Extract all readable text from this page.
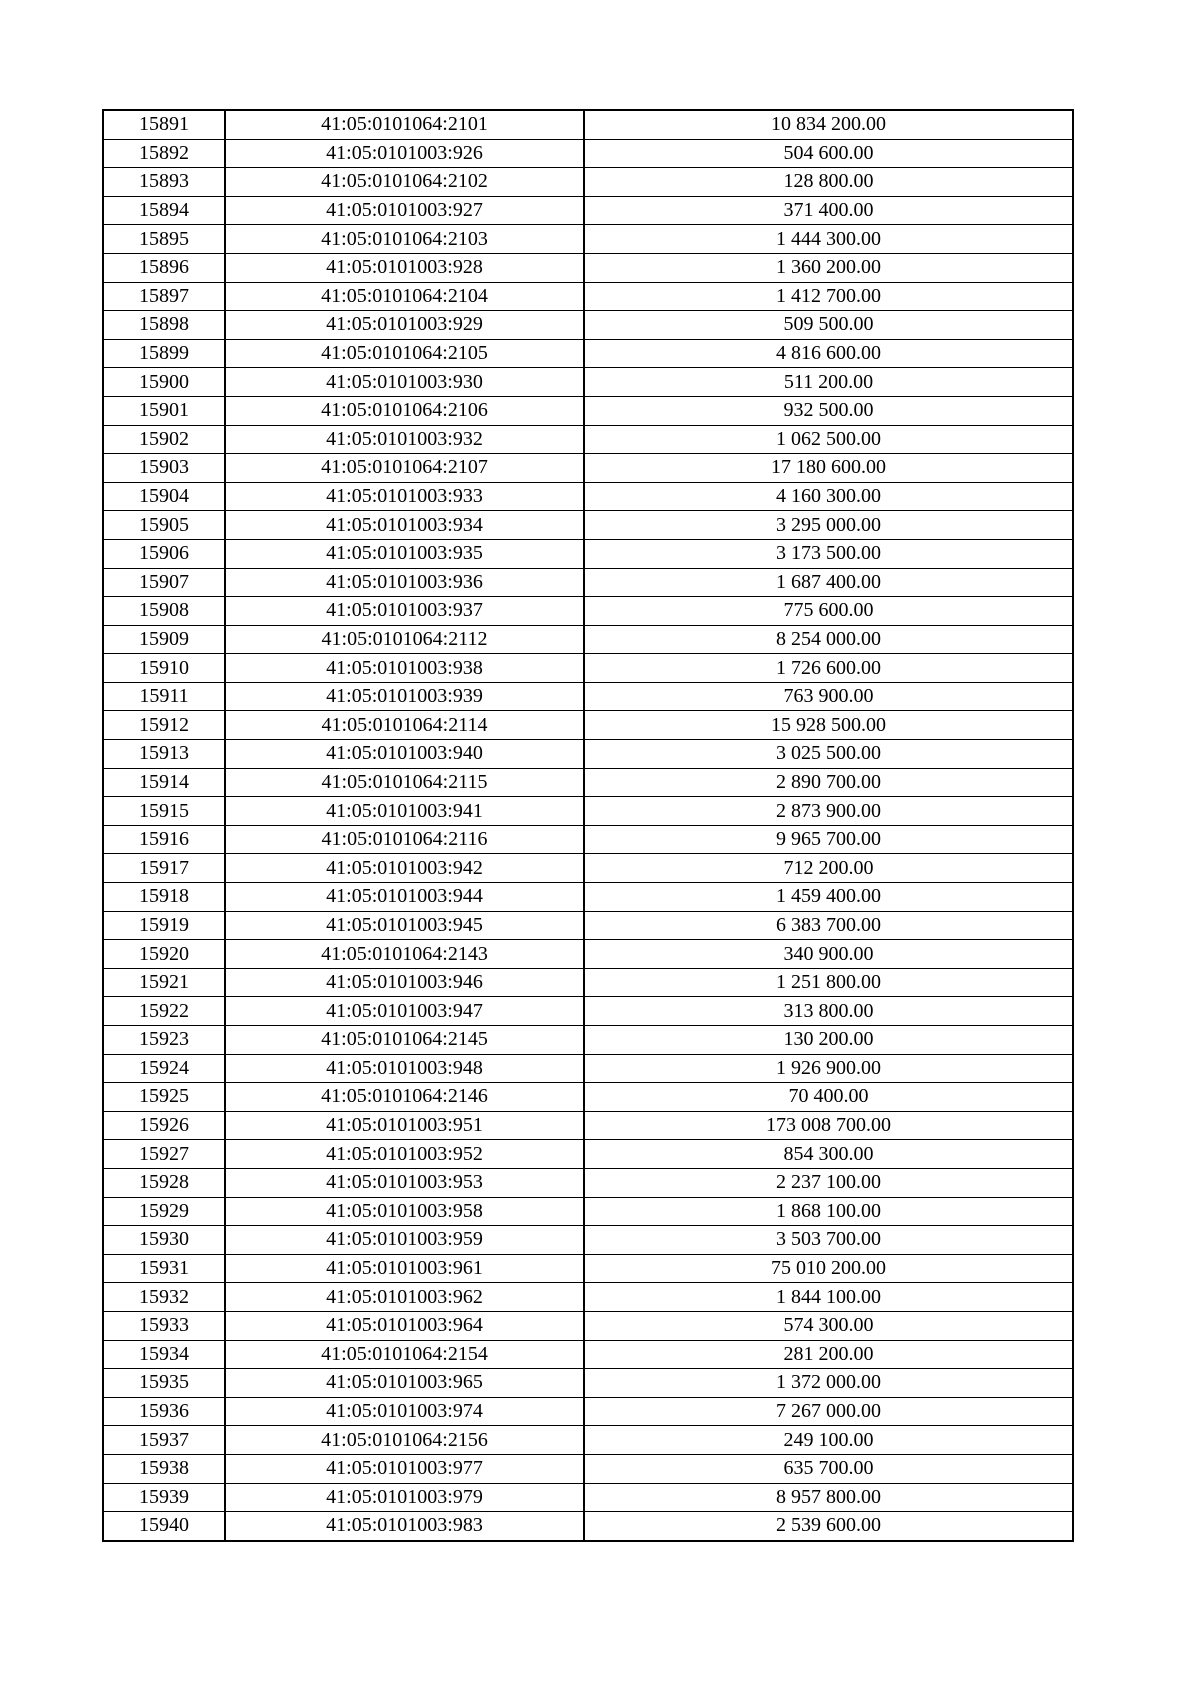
15891	41:05:0101064:2101	10 834 200.00
15892	41:05:0101003:926	504 600.00
15893	41:05:0101064:2102	128 800.00
15894	41:05:0101003:927	371 400.00
15895	41:05:0101064:2103	1 444 300.00
15896	41:05:0101003:928	1 360 200.00
15897	41:05:0101064:2104	1 412 700.00
15898	41:05:0101003:929	509 500.00
15899	41:05:0101064:2105	4 816 600.00
15900	41:05:0101003:930	511 200.00
15901	41:05:0101064:2106	932 500.00
15902	41:05:0101003:932	1 062 500.00
15903	41:05:0101064:2107	17 180 600.00
15904	41:05:0101003:933	4 160 300.00
15905	41:05:0101003:934	3 295 000.00
15906	41:05:0101003:935	3 173 500.00
15907	41:05:0101003:936	1 687 400.00
15908	41:05:0101003:937	775 600.00
15909	41:05:0101064:2112	8 254 000.00
15910	41:05:0101003:938	1 726 600.00
15911	41:05:0101003:939	763 900.00
15912	41:05:0101064:2114	15 928 500.00
15913	41:05:0101003:940	3 025 500.00
15914	41:05:0101064:2115	2 890 700.00
15915	41:05:0101003:941	2 873 900.00
15916	41:05:0101064:2116	9 965 700.00
15917	41:05:0101003:942	712 200.00
15918	41:05:0101003:944	1 459 400.00
15919	41:05:0101003:945	6 383 700.00
15920	41:05:0101064:2143	340 900.00
15921	41:05:0101003:946	1 251 800.00
15922	41:05:0101003:947	313 800.00
15923	41:05:0101064:2145	130 200.00
15924	41:05:0101003:948	1 926 900.00
15925	41:05:0101064:2146	70 400.00
15926	41:05:0101003:951	173 008 700.00
15927	41:05:0101003:952	854 300.00
15928	41:05:0101003:953	2 237 100.00
15929	41:05:0101003:958	1 868 100.00
15930	41:05:0101003:959	3 503 700.00
15931	41:05:0101003:961	75 010 200.00
15932	41:05:0101003:962	1 844 100.00
15933	41:05:0101003:964	574 300.00
15934	41:05:0101064:2154	281 200.00
15935	41:05:0101003:965	1 372 000.00
15936	41:05:0101003:974	7 267 000.00
15937	41:05:0101064:2156	249 100.00
15938	41:05:0101003:977	635 700.00
15939	41:05:0101003:979	8 957 800.00
15940	41:05:0101003:983	2 539 600.00
